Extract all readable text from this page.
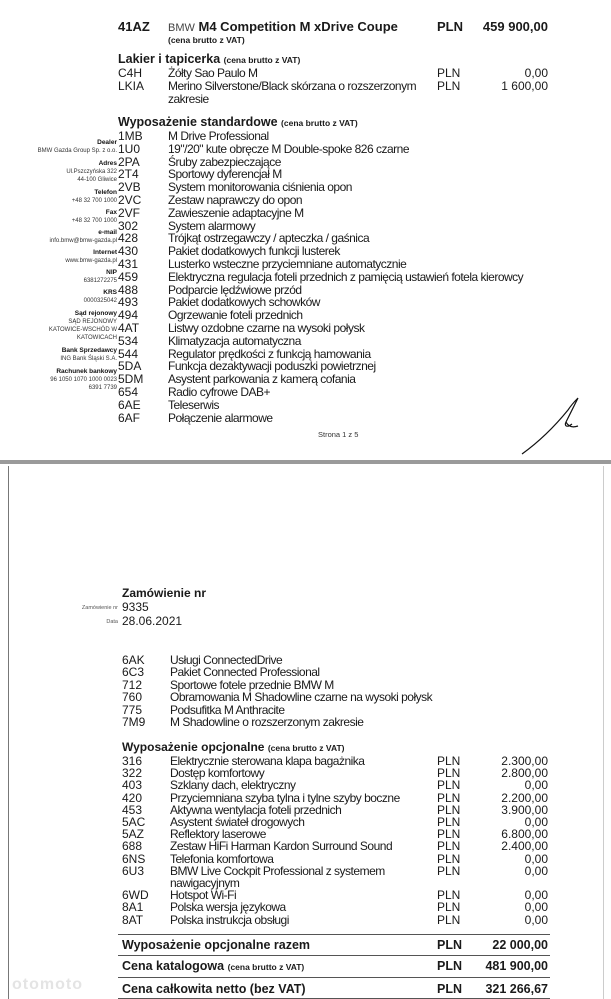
41AZ BMW M4 Competition M xDrive Coupe	PLN 459 900,00
(cena brutto z VAT)
Lakier i tapicerka (cena brutto z VAT)
C4H Żółty Sao Paulo M	PLN	0,00
LKIA Merino Silverstone/Black skórzana o rozszerzonym PLN	1 600,00
zakresie
Wyposażenie standardowe (cena brutto z VAT)
1MB M Drive Professional
1U0 19"/20" kute obręcze M Double-spoke 826 czarne
2PA Śruby zabezpieczające
2T4 Sportowy dyferencjał M
2VB System monitorowania ciśnienia opon
2VC Zestaw naprawczy do opon
2VF Zawieszenie adaptacyjne M
302 System alarmowy
428 Trójkąt ostrzegawczy / apteczka / gaśnica
430 Pakiet dodatkowych funkcji lusterek
431 Lusterko wsteczne przyciemniane automatycznie
459 Elektryczna regulacja foteli przednich z pamięcią ustawień fotela kierowcy
488 Podparcie lędźwiowe przód
493 Pakiet dodatkowych schowków
494 Ogrzewanie foteli przednich
4AT Listwy ozdobne czarne na wysoki połysk
534 Klimatyzacja automatyczna
544 Regulator prędkości z funkcją hamowania
5DA Funkcja dezaktywacji poduszki powietrznej
5DM Asystent parkowania z kamerą cofania
654 Radio cyfrowe DAB+
6AE Teleserwis
6AF Połączenie alarmowe
Dealer
BMW Gazda Group Sp. z o.o.

Adres
Ul.Pszczyńska 322
44-100 Gliwice

Telefon
+48 32 700 1000

Fax
+48 32 700 1000

e-mail
info.bmw@bmw-gazda.pl

Internet
www.bmw-gazda.pl

NIP
6381272275

KRS
0000325042

Sąd rejonowy
SĄD REJONOWY
KATOWICE-WSCHÓD W
KATOWICACH

Bank Sprzedawcy
ING Bank Śląski S.A.

Rachunek bankowy
96 1050 1070 1000 0023
6391 7739
Strona 1 z 5
Zamówienie nr
Zamówienie nr 9335
Data 28.06.2021
6AK Usługi ConnectedDrive
6C3 Pakiet Connected Professional
712 Sportowe fotele przednie BMW M
760 Obramowania M Shadowline czarne na wysoki połysk
775 Podsufitka M Anthracite
7M9 M Shadowline o rozszerzonym zakresie
Wyposażenie opcjonalne (cena brutto z VAT)
316 Elektrycznie sterowana klapa bagażnika	PLN	2.300,00
322 Dostęp komfortowy	PLN	2.800,00
403 Szklany dach, elektryczny	PLN	0,00
420 Przyciemniana szyba tylna i tylne szyby boczne	PLN	2.200,00
453 Aktywna wentylacja foteli przednich	PLN	3.900,00
5AC Asystent świateł drogowych	PLN	0,00
5AZ Reflektory laserowe	PLN	6.800,00
688 Zestaw HiFi Harman Kardon Surround Sound	PLN	2.400,00
6NS Telefonia komfortowa	PLN	0,00
6U3 BMW Live Cockpit Professional z systemem	PLN	0,00
nawigacyjnym
6WD Hotspot Wi-Fi	PLN	0,00
8A1 Polska wersja językowa	PLN	0,00
8AT Polska instrukcja obsługi	PLN	0,00
Wyposażenie opcjonalne razem	PLN 22 000,00
Cena katalogowa (cena brutto z VAT)	PLN 481 900,00
Cena całkowita netto (bez VAT)	PLN 321 266,67
otomoto
